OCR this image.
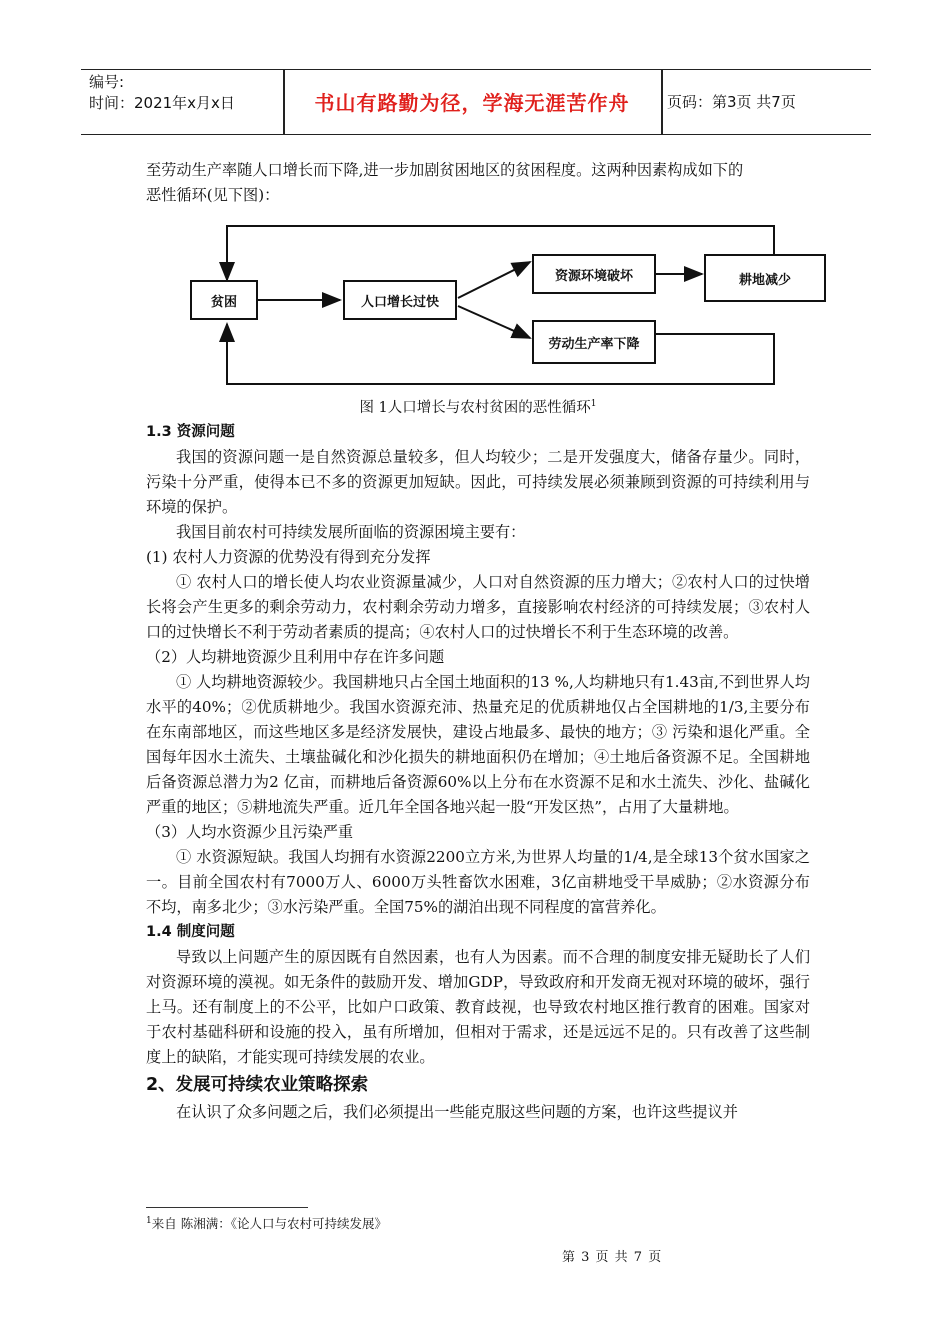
编号:
时间：2021年x月x日	书山有路勤为径，学海无涯苦作舟	页码：第3页 共7页

至劳动生产率随人口增长而下降,进一步加剧贫困地区的贫困程度。这两种因素构成如下的

恶性循环(见下图)：

贫困	人口增长过快
资源环境破坏	耕地减少
劳动生产率下降

图 1人口增长与农村贫困的恶性循环$^1$

1.3 资源问题

我国的资源问题一是自然资源总量较多，但人均较少；二是开发强度大，储备存量少。同时，污染十分严重，使得本已不多的资源更加短缺。因此，可持续发展必须兼顾到资源的可持续利用与环境的保护。

我国目前农村可持续发展所面临的资源困境主要有：

(1) 农村人力资源的优势没有得到充分发挥

① 农村人口的增长使人均农业资源量减少，人口对自然资源的压力增大；②农村人口的过快增长将会产生更多的剩余劳动力，农村剩余劳动力增多，直接影响农村经济的可持续发展；③农村人口的过快增长不利于劳动者素质的提高；④农村人口的过快增长不利于生态环境的改善。

（2）人均耕地资源少且利用中存在许多问题

① 人均耕地资源较少。我国耕地只占全国土地面积的13 %,人均耕地只有1.43亩,不到世界人均水平的40%；②优质耕地少。我国水资源充沛、热量充足的优质耕地仅占全国耕地的1/3,主要分布在东南部地区，而这些地区多是经济发展快，建设占地最多、最快的地方；③ 污染和退化严重。全国每年因水土流失、土壤盐碱化和沙化损失的耕地面积仍在增加；④土地后备资源不足。全国耕地后备资源总潜力为2 亿亩，而耕地后备资源60%以上分布在水资源不足和水土流失、沙化、盐碱化严重的地区；⑤耕地流失严重。近几年全国各地兴起一股“开发区热”，占用了大量耕地。

（3）人均水资源少且污染严重

① 水资源短缺。我国人均拥有水资源2200立方米,为世界人均量的1/4,是全球13个贫水国家之一。目前全国农村有7000万人、6000万头牲畜饮水困难，3亿亩耕地受干旱威胁；②水资源分布不均，南多北少；③水污染严重。全国75%的湖泊出现不同程度的富营养化。

1.4 制度问题

导致以上问题产生的原因既有自然因素，也有人为因素。而不合理的制度安排无疑助长了人们对资源环境的漠视。如无条件的鼓励开发、增加GDP，导致政府和开发商无视对环境的破坏，强行上马。还有制度上的不公平，比如户口政策、教育歧视，也导致农村地区推行教育的困难。国家对于农村基础科研和设施的投入，虽有所增加，但相对于需求，还是远远不足的。只有改善了这些制度上的缺陷，才能实现可持续发展的农业。

2、发展可持续农业策略探索

在认识了众多问题之后，我们必须提出一些能克服这些问题的方案，也许这些提议并

$^1$来自 陈湘满：《论人口与农村可持续发展》
第 3 页 共 7 页
